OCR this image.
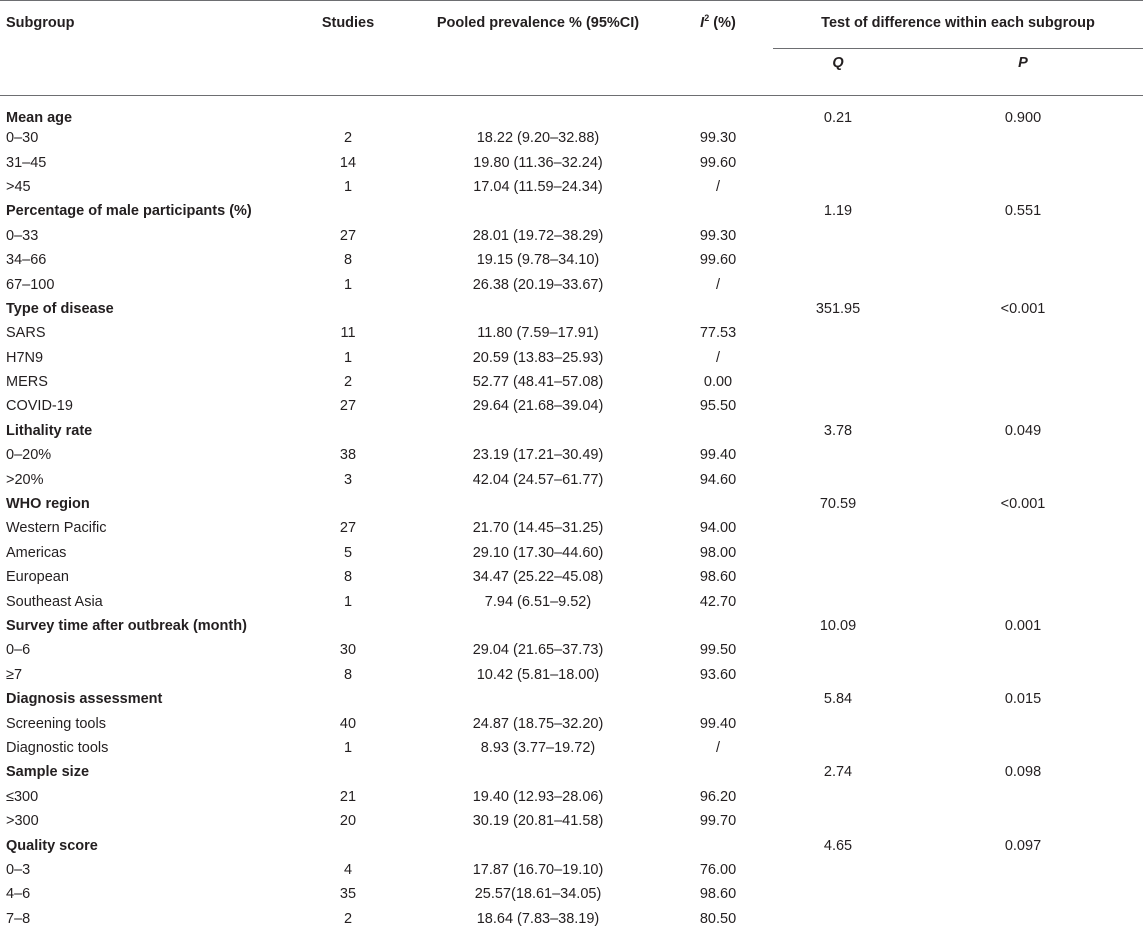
Subgroup	Studies	Pooled prevalence % (95%CI)	$I^2$ (%)	Test of difference within each subgroup	
				Q	P
Mean age				0.21	0.900
0–30	2	18.22 (9.20–32.88)	99.30		
31–45	14	19.80 (11.36–32.24)	99.60		
>45	1	17.04 (11.59–24.34)	/		
Percentage of male participants (%)				1.19	0.551
0–33	27	28.01 (19.72–38.29)	99.30		
34–66	8	19.15 (9.78–34.10)	99.60		
67–100	1	26.38 (20.19–33.67)	/		
Type of disease				351.95	<0.001
SARS	11	11.80 (7.59–17.91)	77.53		
H7N9	1	20.59 (13.83–25.93)	/		
MERS	2	52.77 (48.41–57.08)	0.00		
COVID-19	27	29.64 (21.68–39.04)	95.50		
Lithality rate				3.78	0.049
0–20%	38	23.19 (17.21–30.49)	99.40		
>20%	3	42.04 (24.57–61.77)	94.60		
WHO region				70.59	<0.001
Western Pacific	27	21.70 (14.45–31.25)	94.00		
Americas	5	29.10 (17.30–44.60)	98.00		
European	8	34.47 (25.22–45.08)	98.60		
Southeast Asia	1	7.94 (6.51–9.52)	42.70		
Survey time after outbreak (month)				10.09	0.001
0–6	30	29.04 (21.65–37.73)	99.50		
≥7	8	10.42 (5.81–18.00)	93.60		
Diagnosis assessment				5.84	0.015
Screening tools	40	24.87 (18.75–32.20)	99.40		
Diagnostic tools	1	8.93 (3.77–19.72)	/		
Sample size				2.74	0.098
≤300	21	19.40 (12.93–28.06)	96.20		
>300	20	30.19 (20.81–41.58)	99.70		
Quality score				4.65	0.097
0–3	4	17.87 (16.70–19.10)	76.00		
4–6	35	25.57(18.61–34.05)	98.60		
7–8	2	18.64 (7.83–38.19)	80.50		
